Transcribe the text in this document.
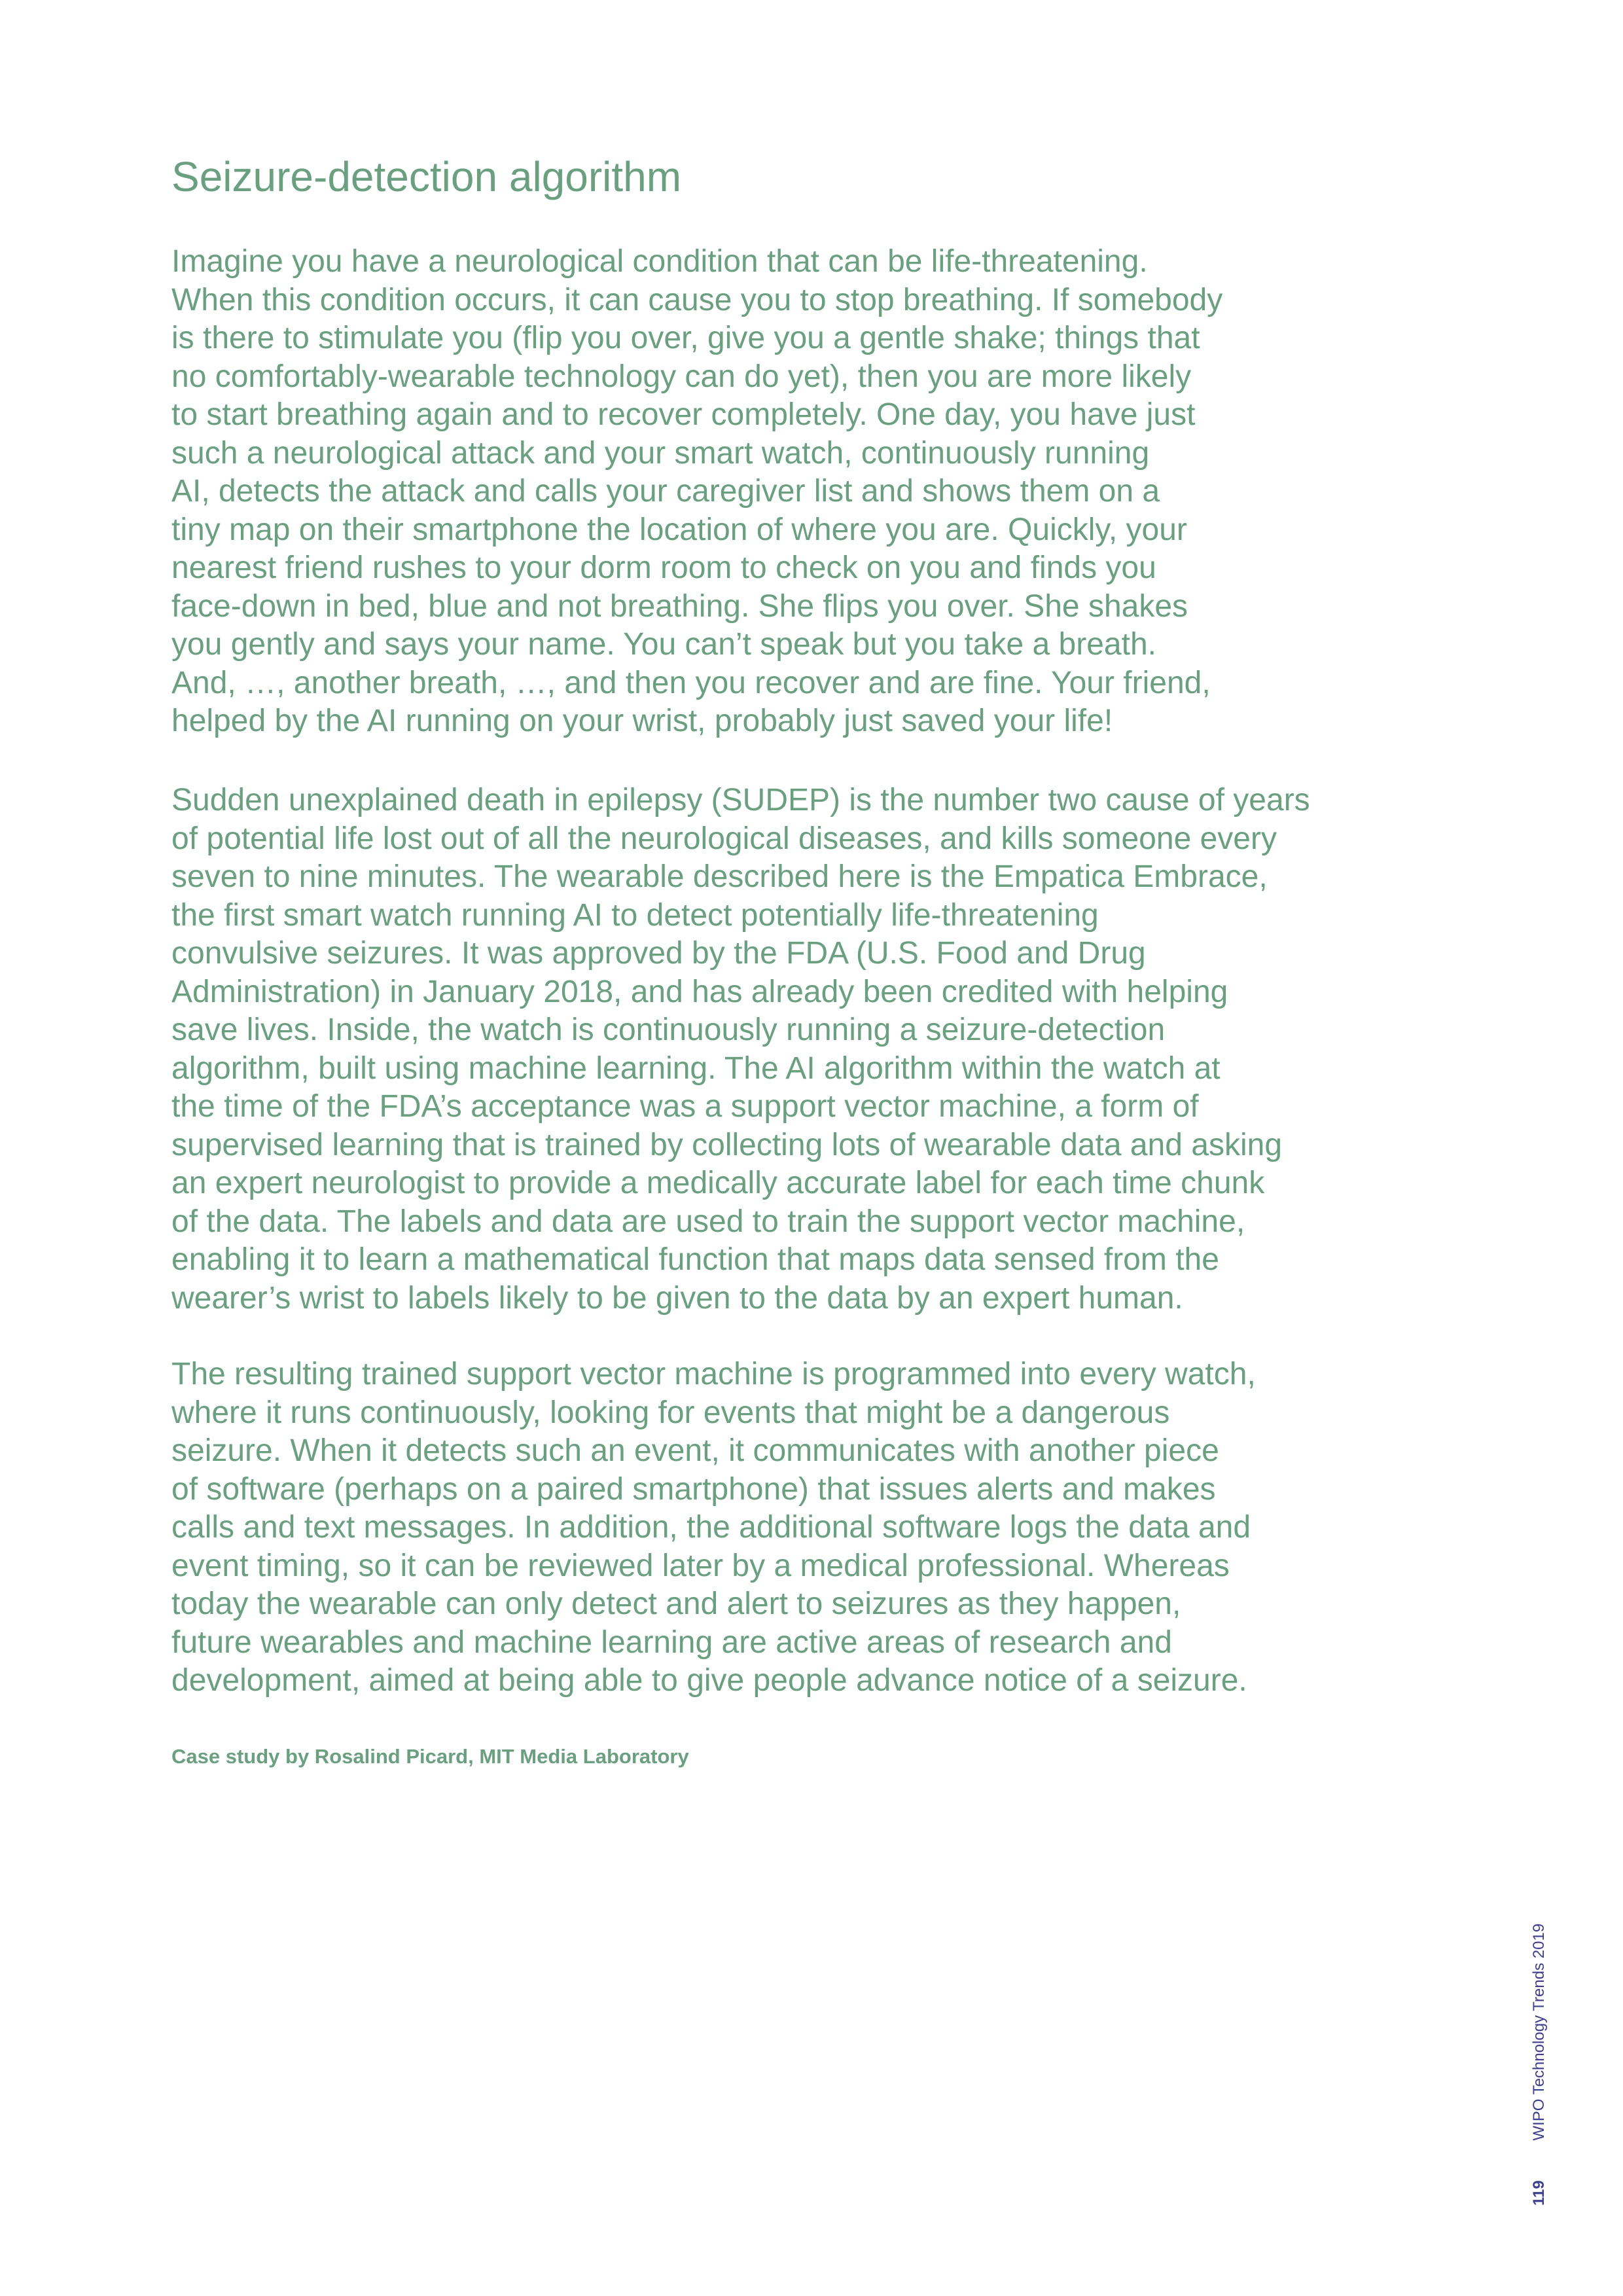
Seizure-detection algorithm

Imagine you have a neurological condition that can be life-threatening.
When this condition occurs, it can cause you to stop breathing. If somebody
is there to stimulate you (flip you over, give you a gentle shake; things that
no comfortably-wearable technology can do yet), then you are more likely
to start breathing again and to recover completely. One day, you have just
such a neurological attack and your smart watch, continuously running
AI, detects the attack and calls your caregiver list and shows them on a
tiny map on their smartphone the location of where you are. Quickly, your
nearest friend rushes to your dorm room to check on you and finds you
face-down in bed, blue and not breathing. She flips you over. She shakes
you gently and says your name. You can’t speak but you take a breath.
And, …, another breath, …, and then you recover and are fine. Your friend,
helped by the AI running on your wrist, probably just saved your life!

Sudden unexplained death in epilepsy (SUDEP) is the number two cause of years
of potential life lost out of all the neurological diseases, and kills someone every
seven to nine minutes. The wearable described here is the Empatica Embrace,
the first smart watch running AI to detect potentially life-threatening
convulsive seizures. It was approved by the FDA (U.S. Food and Drug
Administration) in January 2018, and has already been credited with helping
save lives. Inside, the watch is continuously running a seizure-detection
algorithm, built using machine learning. The AI algorithm within the watch at
the time of the FDA’s acceptance was a support vector machine, a form of
supervised learning that is trained by collecting lots of wearable data and asking
an expert neurologist to provide a medically accurate label for each time chunk
of the data. The labels and data are used to train the support vector machine,
enabling it to learn a mathematical function that maps data sensed from the
wearer’s wrist to labels likely to be given to the data by an expert human.

The resulting trained support vector machine is programmed into every watch,
where it runs continuously, looking for events that might be a dangerous
seizure. When it detects such an event, it communicates with another piece
of software (perhaps on a paired smartphone) that issues alerts and makes
calls and text messages. In addition, the additional software logs the data and
event timing, so it can be reviewed later by a medical professional. Whereas
today the wearable can only detect and alert to seizures as they happen,
future wearables and machine learning are active areas of research and
development, aimed at being able to give people advance notice of a seizure.

Case study by Rosalind Picard, MIT Media Laboratory

119 WIPO Technology Trends 2019
